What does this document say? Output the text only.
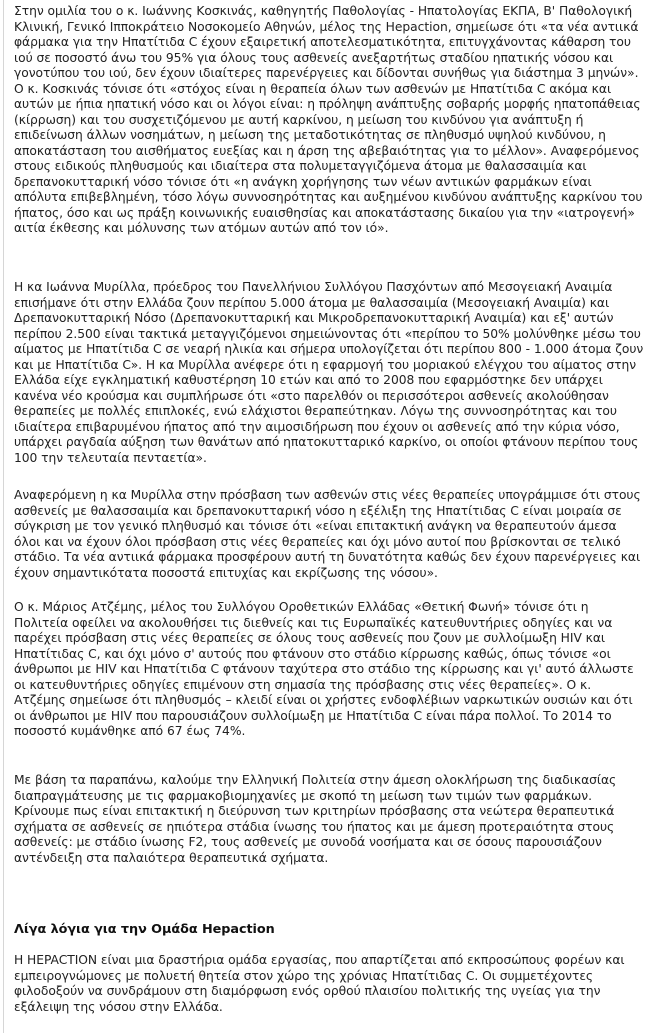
Στην ομιλία του ο κ. Ιωάννης Κοσκινάς, καθηγητής Παθολογίας - Ηπατολογίας ΕΚΠΑ, Β' Παθολογική Κλινική, Γενικό Ιπποκράτειο Νοσοκομείο Αθηνών, μέλος της Hepaction, σημείωσε ότι «τα νέα αντιικά φάρμακα για την Ηπατίτιδα C έχουν εξαιρετική αποτελεσματικότητα, επιτυγχάνοντας κάθαρση του ιού σε ποσοστό άνω του 95% για όλους τους ασθενείς ανεξαρτήτως σταδίου ηπατικής νόσου και γονοτύπου του ιού, δεν έχουν ιδιαίτερες παρενέργειες και δίδονται συνήθως για διάστημα 3 μηνών». Ο κ. Κοσκινάς τόνισε ότι «στόχος είναι η θεραπεία όλων των ασθενών με Ηπατίτιδα C ακόμα και αυτών με ήπια ηπατική νόσο και οι λόγοι είναι: η πρόληψη ανάπτυξης σοβαρής μορφής ηπατοπάθειας (κίρρωση) και του συσχετιζόμενου με αυτή καρκίνου, η μείωση του κινδύνου για ανάπτυξη ή επιδείνωση άλλων νοσημάτων, η μείωση της μεταδοτικότητας σε πληθυσμό υψηλού κινδύνου, η αποκατάσταση του αισθήματος ευεξίας και η άρση της αβεβαιότητας για το μέλλον». Αναφερόμενος στους ειδικούς πληθυσμούς και ιδιαίτερα στα πολυμεταγγιζόμενα άτομα με θαλασσαιμία και δρεπανοκυτταρική νόσο τόνισε ότι «η ανάγκη χορήγησης των νέων αντιικών φαρμάκων είναι απόλυτα επιβεβλημένη, τόσο λόγω συννοσηρότητας και αυξημένου κινδύνου ανάπτυξης καρκίνου του ήπατος, όσο και ως πράξη κοινωνικής ευαισθησίας και αποκατάστασης δικαίου για την «ιατρογενή» αιτία έκθεσης και μόλυνσης των ατόμων αυτών από τον ιό».

Η κα Ιωάννα Μυρίλλα, πρόεδρος του Πανελλήνιου Συλλόγου Πασχόντων από Μεσογειακή Αναιμία επισήμανε ότι στην Ελλάδα ζουν περίπου 5.000 άτομα με θαλασσαιμία (Μεσογειακή Αναιμία) και Δρεπανοκυτταρική Νόσο (Δρεπανοκυτταρική και Μικροδρεπανοκυτταρική Αναιμία) και εξ' αυτών περίπου 2.500 είναι τακτικά μεταγγιζόμενοι σημειώνοντας ότι «περίπου το 50% μολύνθηκε μέσω του αίματος με Ηπατίτιδα C σε νεαρή ηλικία και σήμερα υπολογίζεται ότι περίπου 800 - 1.000 άτομα ζουν και με Ηπατίτιδα C». Η κα Μυρίλλα ανέφερε ότι η εφαρμογή του μοριακού ελέγχου του αίματος στην Ελλάδα είχε εγκληματική καθυστέρηση 10 ετών και από το 2008 που εφαρμόστηκε δεν υπάρχει κανένα νέο κρούσμα και συμπλήρωσε ότι «στο παρελθόν οι περισσότεροι ασθενείς ακολούθησαν θεραπείες με πολλές επιπλοκές, ενώ ελάχιστοι θεραπεύτηκαν. Λόγω της συννοσηρότητας και του ιδιαίτερα επιβαρυμένου ήπατος από την αιμοσιδήρωση που έχουν οι ασθενείς από την κύρια νόσο, υπάρχει ραγδαία αύξηση των θανάτων από ηπατοκυτταρικό καρκίνο, οι οποίοι φτάνουν περίπου τους 100 την τελευταία πενταετία».

Αναφερόμενη η κα Μυρίλλα στην πρόσβαση των ασθενών στις νέες θεραπείες υπογράμμισε ότι στους ασθενείς με θαλασσαιμία και δρεπανοκυτταρική νόσο η εξέλιξη της Ηπατίτιδας C είναι μοιραία σε σύγκριση με τον γενικό πληθυσμό και τόνισε ότι «είναι επιτακτική ανάγκη να θεραπευτούν άμεσα όλοι και να έχουν όλοι πρόσβαση στις νέες θεραπείες και όχι μόνο αυτοί που βρίσκονται σε τελικό στάδιο. Τα νέα αντιικά φάρμακα προσφέρουν αυτή τη δυνατότητα καθώς δεν έχουν παρενέργειες και έχουν σημαντικότατα ποσοστά επιτυχίας και εκρίζωσης της νόσου».

Ο κ. Μάριος Ατζέμης, μέλος του Συλλόγου Οροθετικών Ελλάδας «Θετική Φωνή» τόνισε ότι η Πολιτεία οφείλει να ακολουθήσει τις διεθνείς και τις Ευρωπαϊκές κατευθυντήριες οδηγίες και να παρέχει πρόσβαση στις νέες θεραπείες σε όλους τους ασθενείς που ζουν με συλλοίμωξη HIV και Ηπατίτιδας C, και όχι μόνο σ' αυτούς που φτάνουν στο στάδιο κίρρωσης καθώς, όπως τόνισε «οι άνθρωποι με HIV και Ηπατίτιδα C φτάνουν ταχύτερα στο στάδιο της κίρρωσης και γι' αυτό άλλωστε οι κατευθυντήριες οδηγίες επιμένουν στη σημασία της πρόσβασης στις νέες θεραπείες». Ο κ. Ατζέμης σημείωσε ότι πληθυσμός – κλειδί είναι οι χρήστες ενδοφλέβιων ναρκωτικών ουσιών και ότι οι άνθρωποι με HIV που παρουσιάζουν συλλοίμωξη με Ηπατίτιδα C είναι πάρα πολλοί. Το 2014 το ποσοστό κυμάνθηκε από 67 έως 74%.

Με βάση τα παραπάνω, καλούμε την Ελληνική Πολιτεία στην άμεση ολοκλήρωση της διαδικασίας διαπραγμάτευσης με τις φαρμακοβιομηχανίες με σκοπό τη μείωση των τιμών των φαρμάκων. Κρίνουμε πως είναι επιτακτική η διεύρυνση των κριτηρίων πρόσβασης στα νεώτερα θεραπευτικά σχήματα σε ασθενείς σε ηπιότερα στάδια ίνωσης του ήπατος και με άμεση προτεραιότητα στους ασθενείς: με στάδιο ίνωσης F2, τους ασθενείς με συνοδά νοσήματα και σε όσους παρουσιάζουν αντένδειξη στα παλαιότερα θεραπευτικά σχήματα.

Λίγα λόγια για την Ομάδα Hepaction

Η HEPACTION είναι μια δραστήρια ομάδα εργασίας, που απαρτίζεται από εκπροσώπους φορέων και εμπειρογνώμονες με πολυετή θητεία στον χώρο της χρόνιας Ηπατίτιδας C. Οι συμμετέχοντες φιλοδοξούν να συνδράμουν στη διαμόρφωση ενός ορθού πλαισίου πολιτικής της υγείας για την εξάλειψη της νόσου στην Ελλάδα.
